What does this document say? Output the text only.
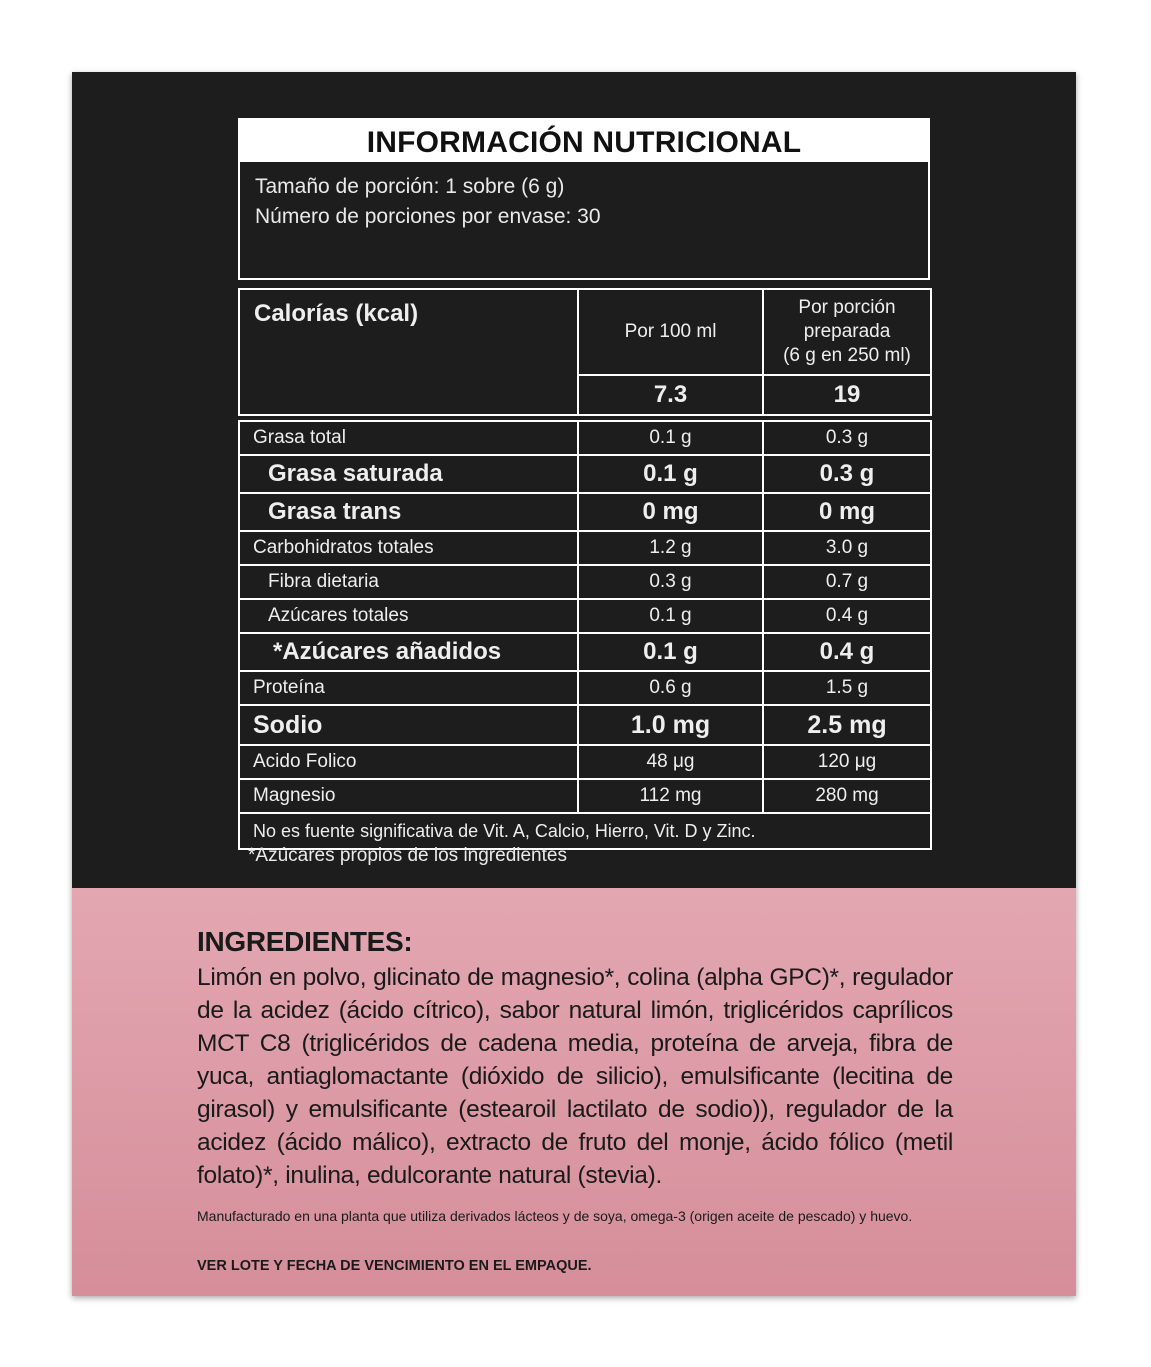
INFORMACIÓN NUTRICIONAL
Tamaño de porción: 1 sobre (6 g)
Número de porciones por envase: 30
Calorías (kcal)	Por 100 ml	Por porción
preparada
(6 g en 250 ml)

	7.3	19

Grasa total	0.1 g	0.3 g
Grasa saturada	0.1 g	0.3 g
Grasa trans	0 mg	0 mg
Carbohidratos totales	1.2 g	3.0 g
Fibra dietaria	0.3 g	0.7 g
Azúcares totales	0.1 g	0.4 g
*Azúcares añadidos	0.1 g	0.4 g
Proteína	0.6 g	1.5 g
Sodio	1.0 mg	2.5 mg
Acido Folico	48 μg	120 μg
Magnesio	112 mg	280 mg
No es fuente significativa de Vit. A, Calcio, Hierro, Vit. D y Zinc.		
*Azúcares propios de los ingredientes
INGREDIENTES:
Limón en polvo, glicinato de magnesio*, colina (alpha GPC)*, regulador de la acidez (ácido cítrico), sabor natural limón, triglicéridos caprílicos MCT C8 (triglicéridos de cadena media, proteína de arveja, fibra de yuca, antiaglomactante (dióxido de silicio), emulsificante (lecitina de girasol) y emulsificante (estearoil lactilato de sodio)), regulador de la acidez (ácido málico), extracto de fruto del monje, ácido fólico (metil folato)*, inulina, edulcorante natural (stevia).
Manufacturado en una planta que utiliza derivados lácteos y de soya, omega-3 (origen aceite de pescado) y huevo.
VER LOTE Y FECHA DE VENCIMIENTO EN EL EMPAQUE.
